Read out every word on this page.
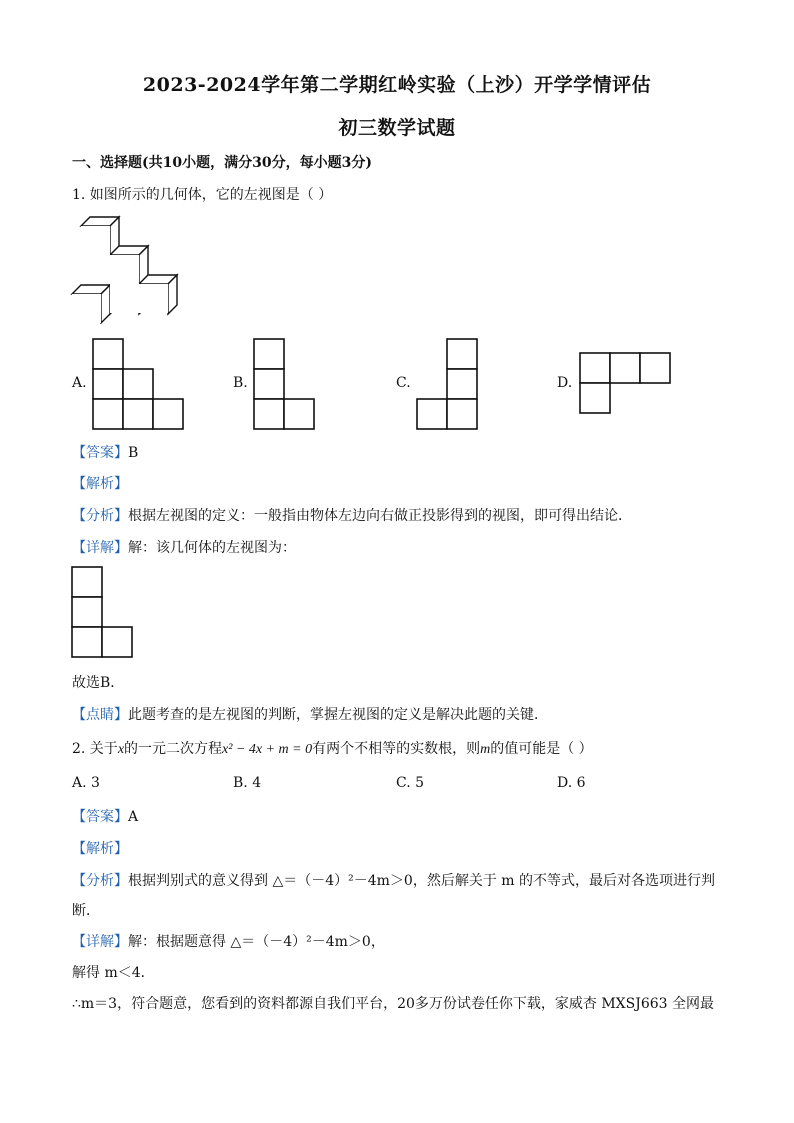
2023-2024学年第二学期红岭实验（上沙）开学学情评估
初三数学试题
一、选择题(共10小题，满分30分，每小题3分)
1. 如图所示的几何体，它的左视图是（ ）
A.	B.	C.	D.
【答案】B
【解析】
【分析】根据左视图的定义：一般指由物体左边向右做正投影得到的视图，即可得出结论．
【详解】解：该几何体的左视图为：
故选B．
【点睛】此题考查的是左视图的判断，掌握左视图的定义是解决此题的关键．
2. 关于x的一元二次方程x² − 4x + m = 0有两个不相等的实数根，则m的值可能是（ ）
A. 3	B. 4	C. 5	D. 6
【答案】A
【解析】
【分析】根据判别式的意义得到 △＝（－4）²－4m＞0，然后解关于 m 的不等式，最后对各选项进行判
断．
【详解】解：根据题意得 △＝（－4）²－4m＞0，
解得 m＜4．
∴m＝3，符合题意，您看到的资料都源自我们平台，20多万份试卷任你下载，家威杏 MXSJ663 全网最
